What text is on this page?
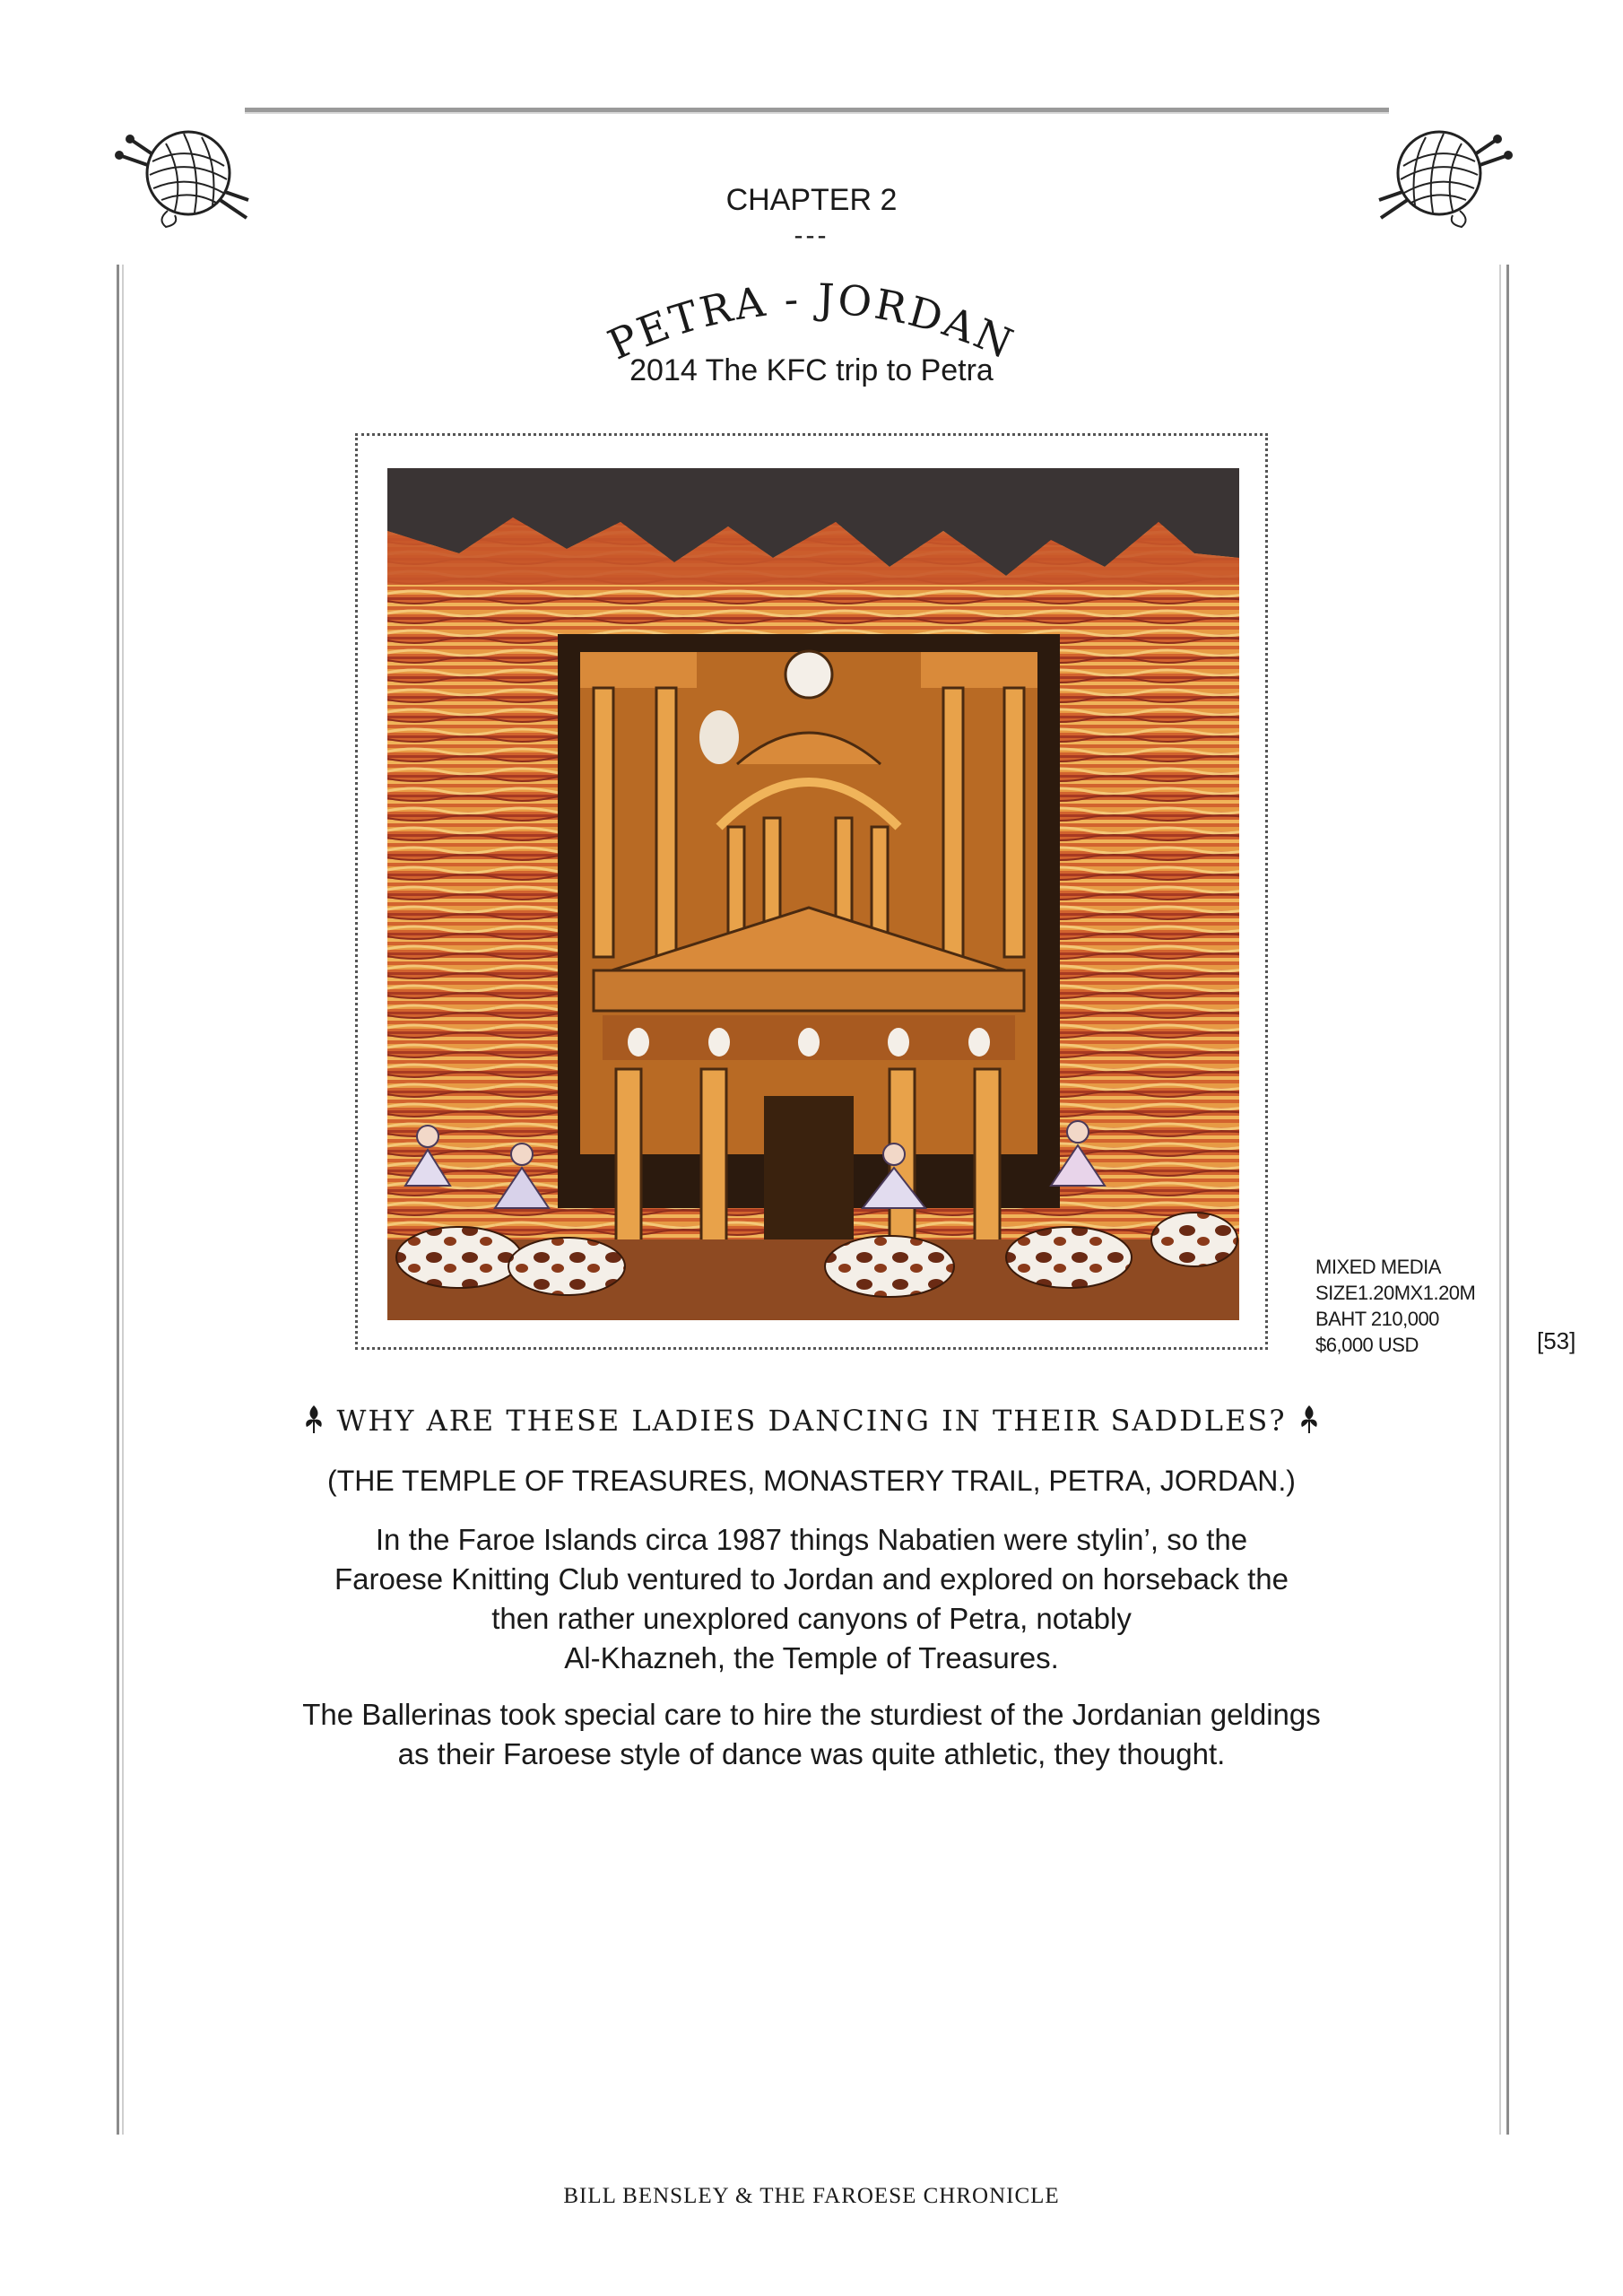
CHAPTER 2
---
PETRA - JORDAN
2014 The KFC trip to Petra
MIXED MEDIA
SIZE1.20MX1.20M
BAHT 210,000
$6,000 USD	[53]
WHY ARE THESE LADIES DANCING IN THEIR SADDLES?
(THE TEMPLE OF TREASURES, MONASTERY TRAIL, PETRA, JORDAN.)
In the Faroe Islands circa 1987 things Nabatien were stylin’, so the
Faroese Knitting Club ventured to Jordan and explored on horseback the
then rather unexplored canyons of Petra, notably
Al-Khazneh, the Temple of Treasures.
The Ballerinas took special care to hire the sturdiest of the Jordanian geldings
as their Faroese style of dance was quite athletic, they thought.
BILL BENSLEY & THE FAROESE CHRONICLE
